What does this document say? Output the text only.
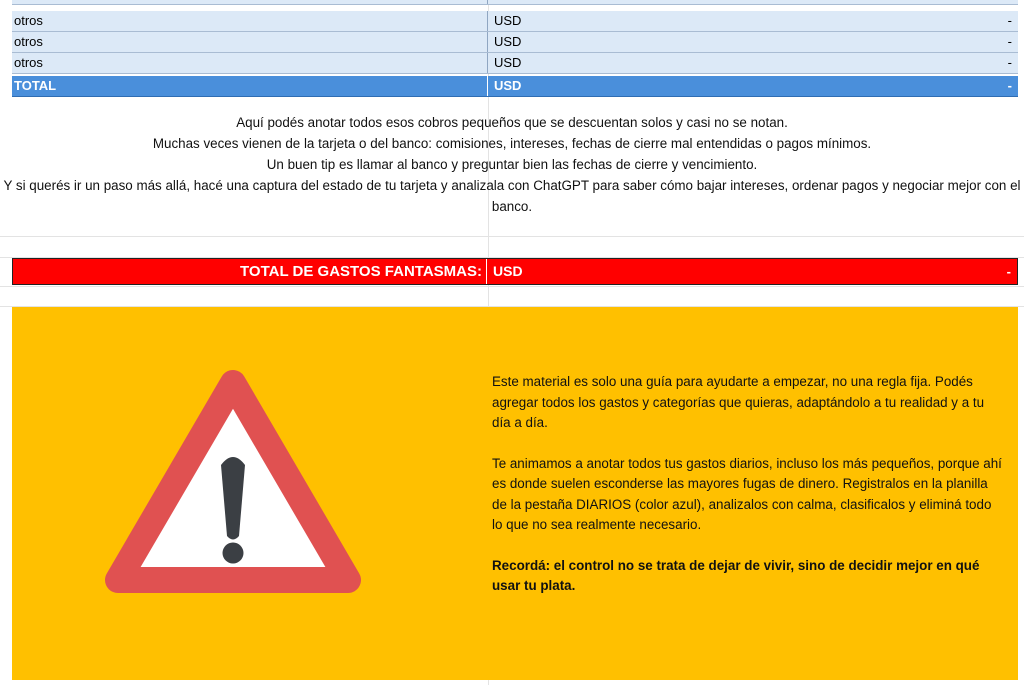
otros	USD	-
otros	USD	-
otros	USD	-
TOTAL	USD	-

Aquí podés anotar todos esos cobros pequeños que se descuentan solos y casi no se notan.

Muchas veces vienen de la tarjeta o del banco: comisiones, intereses, fechas de cierre mal entendidas o pagos mínimos.

Un buen tip es llamar al banco y preguntar bien las fechas de cierre y vencimiento.

Y si querés ir un paso más allá, hacé una captura del estado de tu tarjeta y analizala con ChatGPT para saber cómo bajar intereses, ordenar pagos y negociar mejor con el banco.

TOTAL DE GASTOS FANTASMAS: USD	-

Este material es solo una guía para ayudarte a empezar, no una regla fija. Podés agregar todos los gastos y categorías que quieras, adaptándolo a tu realidad y a tu día a día.

Te animamos a anotar todos tus gastos diarios, incluso los más pequeños, porque ahí es donde suelen esconderse las mayores fugas de dinero. Registralos en la planilla de la pestaña DIARIOS (color azul), analizalos con calma, clasificalos y eliminá todo lo que no sea realmente necesario.

Recordá: el control no se trata de dejar de vivir, sino de decidir mejor en qué usar tu plata.
